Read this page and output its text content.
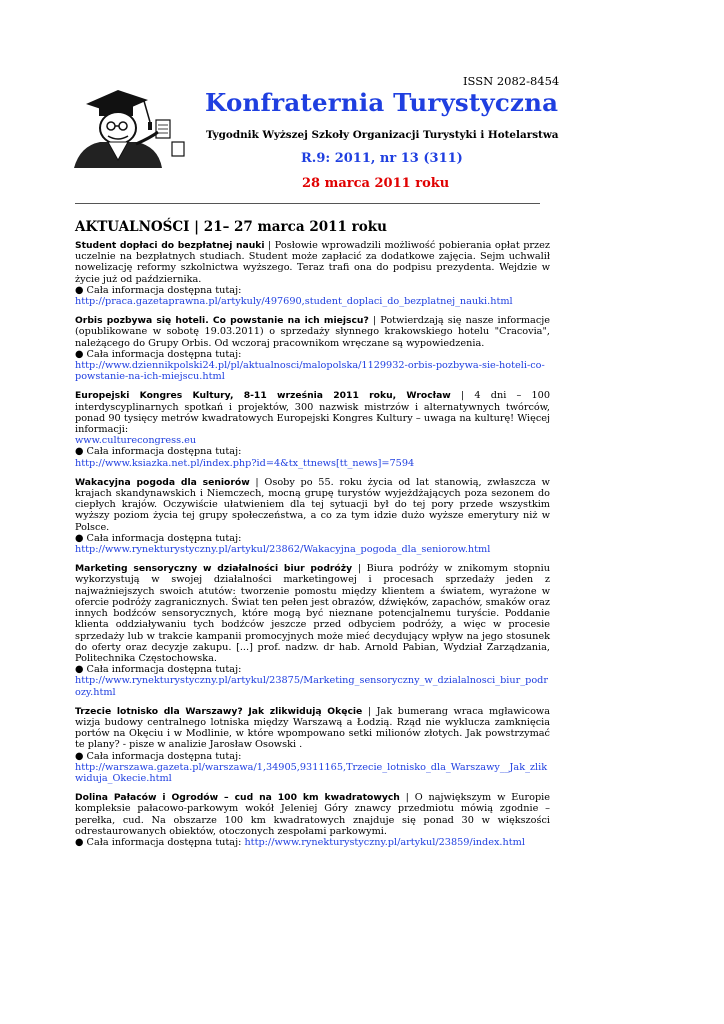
ISSN 2082-8454
Konfraternia Turystyczna
Tygodnik Wyższej Szkoły Organizacji Turystyki i Hotelarstwa
R.9: 2011, nr 13 (311)
28 marca 2011 roku
AKTUALNOŚCI | 21– 27 marca 2011 roku
Student dopłaci do bezpłatnej nauki | Posłowie wprowadzili możliwość pobierania opłat przez uczelnie na bezpłatnych studiach. Student może zapłacić za dodatkowe zajęcia. Sejm uchwalił nowelizację reformy szkolnictwa wyższego. Teraz trafi ona do podpisu prezydenta. Wejdzie w życie już od października.
● Cała informacja dostępna tutaj:
http://praca.gazetaprawna.pl/artykuly/497690,student_doplaci_do_bezplatnej_nauki.html
Orbis pozbywa się hoteli. Co powstanie na ich miejscu? | Potwierdzają się nasze informacje (opublikowane w sobotę 19.03.2011) o sprzedaży słynnego krakowskiego hotelu "Cracovia", należącego do Grupy Orbis. Od wczoraj pracownikom wręczane są wypowiedzenia.
● Cała informacja dostępna tutaj:
http://www.dziennikpolski24.pl/pl/aktualnosci/malopolska/1129932-orbis-pozbywa-sie-hoteli-co-powstanie-na-ich-miejscu.html
Europejski Kongres Kultury, 8-11 września 2011 roku, Wrocław | 4 dni – 100 interdyscyplinarnych spotkań i projektów, 300 nazwisk mistrzów i alternatywnych twórców, ponad 90 tysięcy metrów kwadratowych Europejski Kongres Kultury – uwaga na kulturę! Więcej informacji:
www.culturecongress.eu
● Cała informacja dostępna tutaj:
http://www.ksiazka.net.pl/index.php?id=4&tx_ttnews[tt_news]=7594
Wakacyjna pogoda dla seniorów | Osoby po 55. roku życia od lat stanowią, zwłaszcza w krajach skandynawskich i Niemczech, mocną grupę turystów wyjeżdżających poza sezonem do ciepłych krajów. Oczywiście ułatwieniem dla tej sytuacji był do tej pory przede wszystkim wyższy poziom życia tej grupy społeczeństwa, a co za tym idzie dużo wyższe emerytury niż w Polsce.
● Cała informacja dostępna tutaj:
http://www.rynekturystyczny.pl/artykul/23862/Wakacyjna_pogoda_dla_seniorow.html
Marketing sensoryczny w działalności biur podróży | Biura podróży w znikomym stopniu wykorzystują w swojej działalności marketingowej i procesach sprzedaży jeden z najważniejszych swoich atutów: tworzenie pomostu między klientem a światem, wyrażone w ofercie podróży zagranicznych. Świat ten pełen jest obrazów, dźwięków, zapachów, smaków oraz innych bodźców sensorycznych, które mogą być nieznane potencjalnemu turyście. Poddanie klienta oddziaływaniu tych bodźców jeszcze przed odbyciem podróży, a więc w procesie sprzedaży lub w trakcie kampanii promocyjnych może mieć decydujący wpływ na jego stosunek do oferty oraz decyzje zakupu. [...] prof. nadzw. dr hab. Arnold Pabian, Wydział Zarządzania, Politechnika Częstochowska.
● Cała informacja dostępna tutaj:
http://www.rynekturystyczny.pl/artykul/23875/Marketing_sensoryczny_w_dzialalnosci_biur_podrozy.html
Trzecie lotnisko dla Warszawy? Jak zlikwidują Okęcie | Jak bumerang wraca mgławicowa wizja budowy centralnego lotniska między Warszawą a Łodzią. Rząd nie wyklucza zamknięcia portów na Okęciu i w Modlinie, w które wpompowano setki milionów złotych. Jak powstrzymać te plany? - pisze w analizie Jarosław Osowski .
● Cała informacja dostępna tutaj:
http://warszawa.gazeta.pl/warszawa/1,34905,9311165,Trzecie_lotnisko_dla_Warszawy__Jak_zlikwiduja_Okecie.html
Dolina Pałaców i Ogrodów – cud na 100 km kwadratowych | O największym w Europie kompleksie pałacowo-parkowym wokół Jeleniej Góry znawcy przedmiotu mówią zgodnie – perełka, cud. Na obszarze 100 km kwadratowych znajduje się ponad 30 w większości odrestaurowanych obiektów, otoczonych zespołami parkowymi.
● Cała informacja dostępna tutaj: http://www.rynekturystyczny.pl/artykul/23859/index.html
